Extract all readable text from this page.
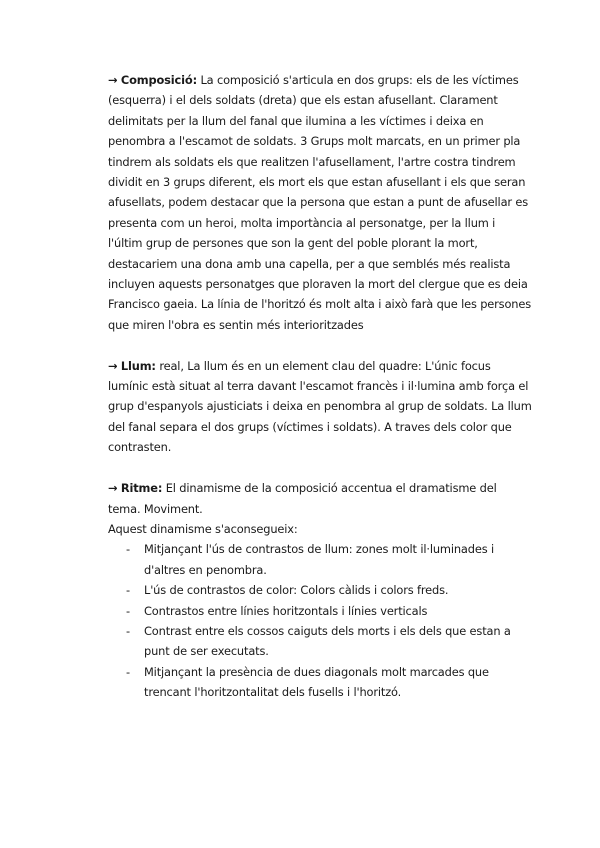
→ Composició: La composició s'articula en dos grups: els de les víctimes (esquerra) i el dels soldats (dreta) que els estan afusellant. Clarament delimitats per la llum del fanal que ilumina a les víctimes i deixa en penombra a l'escamot de soldats. 3 Grups molt marcats, en un primer pla tindrem als soldats els que realitzen l'afusellament, l'artre costra tindrem dividit en 3 grups diferent, els mort els que estan afusellant i els que seran afusellats, podem destacar que la persona que estan a punt de afusellar es presenta com un heroi, molta importància al personatge, per la llum i l'últim grup de persones que son la gent del poble plorant la mort, destacariem una dona amb una capella, per a que semblés més realista incluyen aquests personatges que ploraven la mort del clergue que es deia Francisco gaeia. La línia de l'horitzó és molt alta i això farà que les persones que miren l'obra es sentin més interioritzades

→ Llum: real, La llum és en un element clau del quadre: L'únic focus lumínic està situat al terra davant l'escamot francès i il·lumina amb força el grup d'espanyols ajusticiats i deixa en penombra al grup de soldats. La llum del fanal separa el dos grups (víctimes i soldats). A traves dels color que contrasten.

→ Ritme: El dinamisme de la composició accentua el dramatisme del tema. Moviment.

Aquest dinamisme s'aconsegueix:

- Mitjançant l'ús de contrastos de llum: zones molt il·luminades i d'altres en penombra.
- L'ús de contrastos de color: Colors càlids i colors freds.
- Contrastos entre línies horitzontals i línies verticals
- Contrast entre els cossos caiguts dels morts i els dels que estan a punt de ser executats.
- Mitjançant la presència de dues diagonals molt marcades que trencant l'horitzontalitat dels fusells i l'horitzó.
